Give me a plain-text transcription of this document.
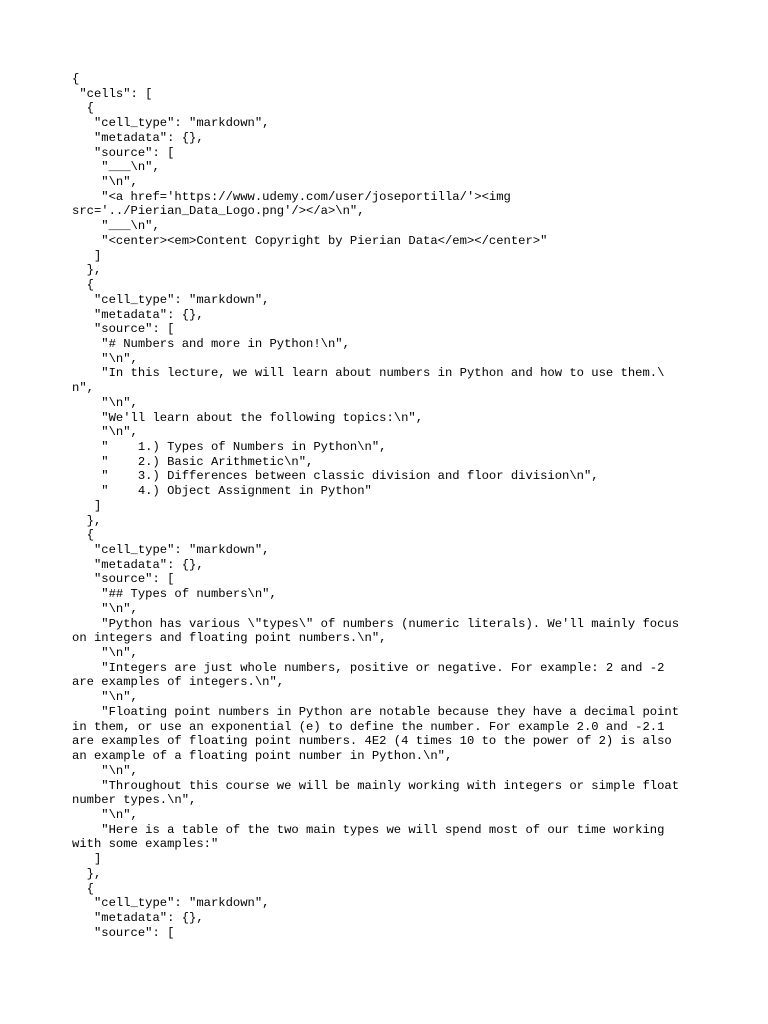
{
"cells": [
{
"cell_type": "markdown",
"metadata": {},
"source": [
"___\n",
"\n",
"<a href='https://www.udemy.com/user/joseportilla/'><img
src='../Pierian_Data_Logo.png'/></a>\n",
"___\n",
"<center><em>Content Copyright by Pierian Data</em></center>"
]
},
{
"cell_type": "markdown",
"metadata": {},
"source": [
"# Numbers and more in Python!\n",
"\n",
"In this lecture, we will learn about numbers in Python and how to use them.\
n",
"\n",
"We'll learn about the following topics:\n",
"\n",
"    1.) Types of Numbers in Python\n",
"    2.) Basic Arithmetic\n",
"    3.) Differences between classic division and floor division\n",
"    4.) Object Assignment in Python"
]
},
{
"cell_type": "markdown",
"metadata": {},
"source": [
"## Types of numbers\n",
"\n",
"Python has various \"types\" of numbers (numeric literals). We'll mainly focus
on integers and floating point numbers.\n",
"\n",
"Integers are just whole numbers, positive or negative. For example: 2 and -2
are examples of integers.\n",
"\n",
"Floating point numbers in Python are notable because they have a decimal point
in them, or use an exponential (e) to define the number. For example 2.0 and -2.1
are examples of floating point numbers. 4E2 (4 times 10 to the power of 2) is also
an example of a floating point number in Python.\n",
"\n",
"Throughout this course we will be mainly working with integers or simple float
number types.\n",
"\n",
"Here is a table of the two main types we will spend most of our time working
with some examples:"
]
},
{
"cell_type": "markdown",
"metadata": {},
"source": [
